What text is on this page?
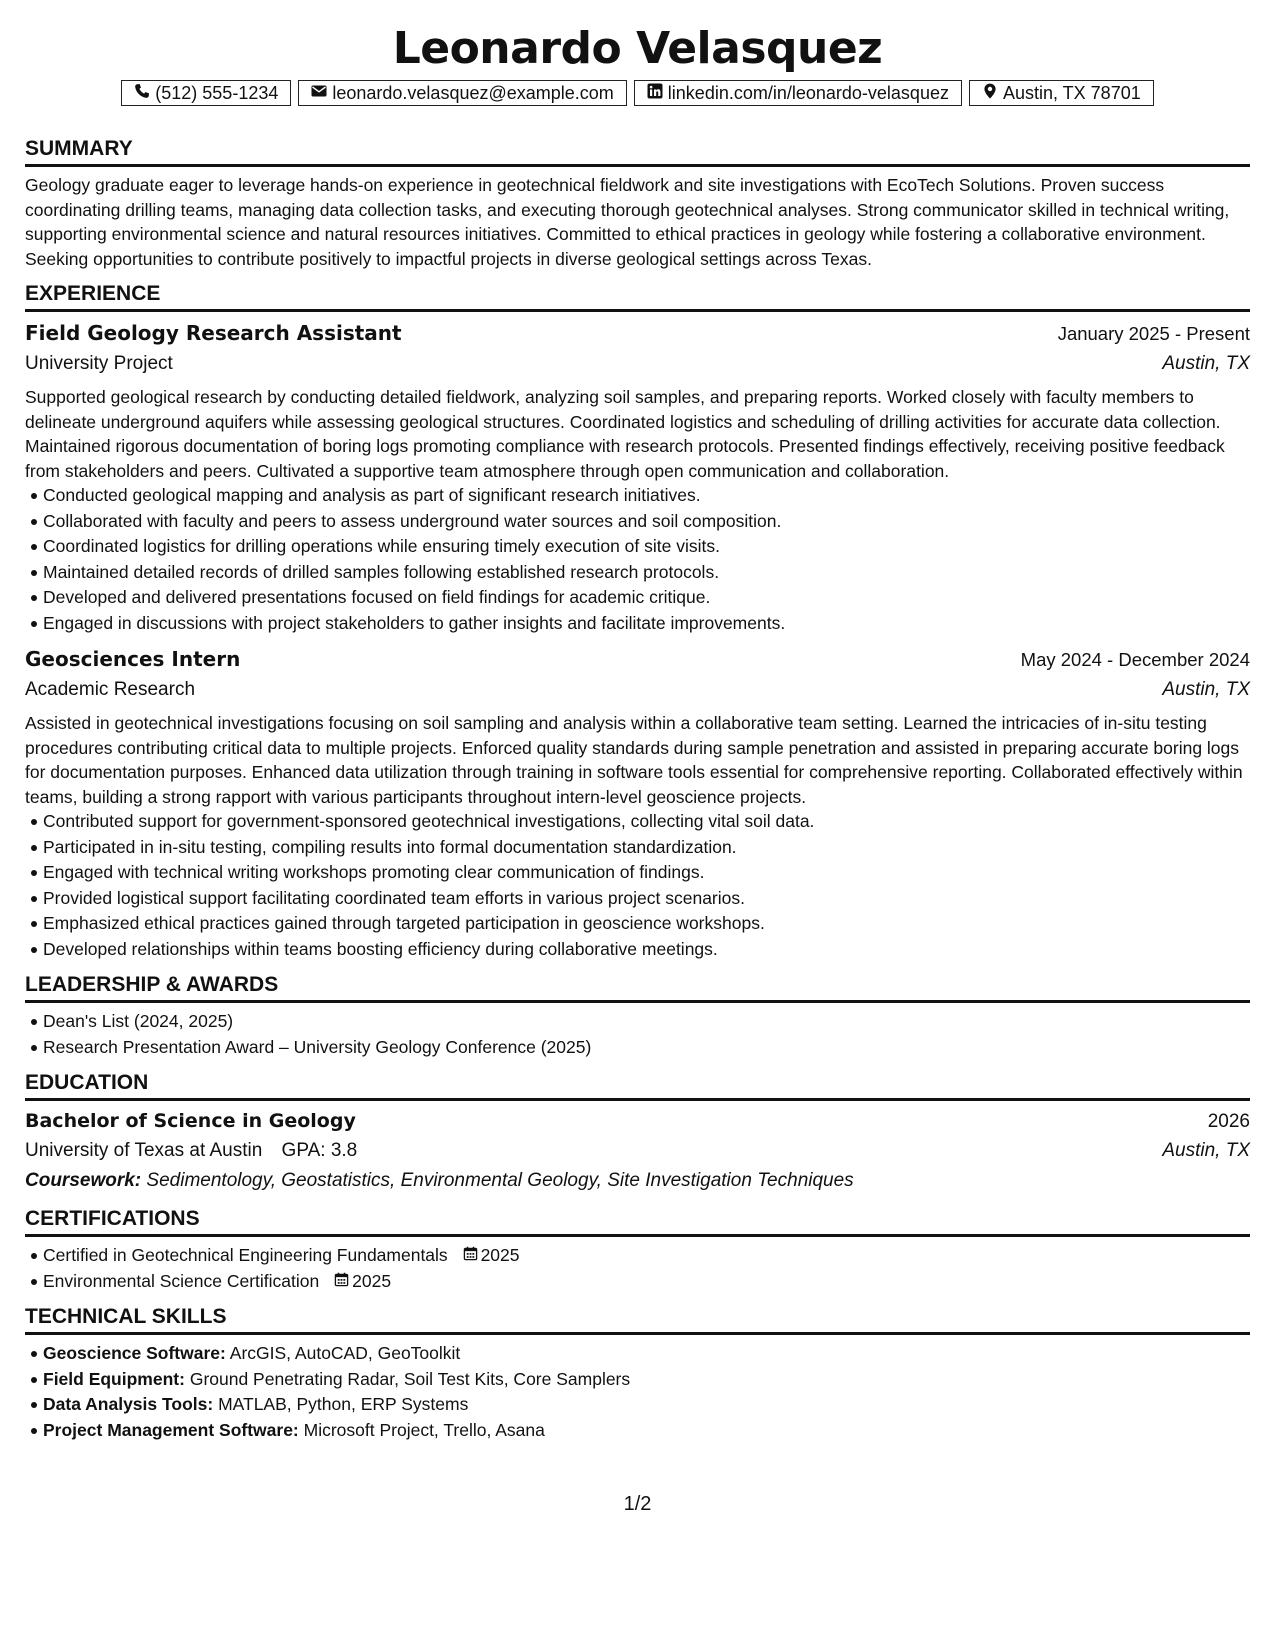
Leonardo Velasquez
(512) 555-1234	leonardo.velasquez@example.com	linkedin.com/in/leonardo-velasquez	Austin, TX 78701
SUMMARY

Geology graduate eager to leverage hands-on experience in geotechnical fieldwork and site investigations with EcoTech Solutions. Proven success coordinating drilling teams, managing data collection tasks, and executing thorough geotechnical analyses. Strong communicator skilled in technical writing, supporting environmental science and natural resources initiatives. Committed to ethical practices in geology while fostering a collaborative environment. Seeking opportunities to contribute positively to impactful projects in diverse geological settings across Texas.

EXPERIENCE
Field Geology Research Assistant	January 2025 - Present
University Project	Austin, TX

Supported geological research by conducting detailed fieldwork, analyzing soil samples, and preparing reports. Worked closely with faculty members to delineate underground aquifers while assessing geological structures. Coordinated logistics and scheduling of drilling activities for accurate data collection. Maintained rigorous documentation of boring logs promoting compliance with research protocols. Presented findings effectively, receiving positive feedback from stakeholders and peers. Cultivated a supportive team atmosphere through open communication and collaboration.

Conducted geological mapping and analysis as part of significant research initiatives.
Collaborated with faculty and peers to assess underground water sources and soil composition.
Coordinated logistics for drilling operations while ensuring timely execution of site visits.
Maintained detailed records of drilled samples following established research protocols.
Developed and delivered presentations focused on field findings for academic critique.
Engaged in discussions with project stakeholders to gather insights and facilitate improvements.
Geosciences Intern	May 2024 - December 2024
Academic Research	Austin, TX

Assisted in geotechnical investigations focusing on soil sampling and analysis within a collaborative team setting. Learned the intricacies of in-situ testing procedures contributing critical data to multiple projects. Enforced quality standards during sample penetration and assisted in preparing accurate boring logs for documentation purposes. Enhanced data utilization through training in software tools essential for comprehensive reporting. Collaborated effectively within teams, building a strong rapport with various participants throughout intern-level geoscience projects.

Contributed support for government-sponsored geotechnical investigations, collecting vital soil data.
Participated in in-situ testing, compiling results into formal documentation standardization.
Engaged with technical writing workshops promoting clear communication of findings.
Provided logistical support facilitating coordinated team efforts in various project scenarios.
Emphasized ethical practices gained through targeted participation in geoscience workshops.
Developed relationships within teams boosting efficiency during collaborative meetings.
LEADERSHIP & AWARDS
Dean's List (2024, 2025)
Research Presentation Award – University Geology Conference (2025)
EDUCATION
Bachelor of Science in Geology	2026
University of Texas at Austin GPA: 3.8	Austin, TX
Coursework: Sedimentology, Geostatistics, Environmental Geology, Site Investigation Techniques
CERTIFICATIONS
Certified in Geotechnical Engineering Fundamentals 2025
Environmental Science Certification 2025
TECHNICAL SKILLS
Geoscience Software: ArcGIS, AutoCAD, GeoToolkit
Field Equipment: Ground Penetrating Radar, Soil Test Kits, Core Samplers
Data Analysis Tools: MATLAB, Python, ERP Systems
Project Management Software: Microsoft Project, Trello, Asana
1/2
